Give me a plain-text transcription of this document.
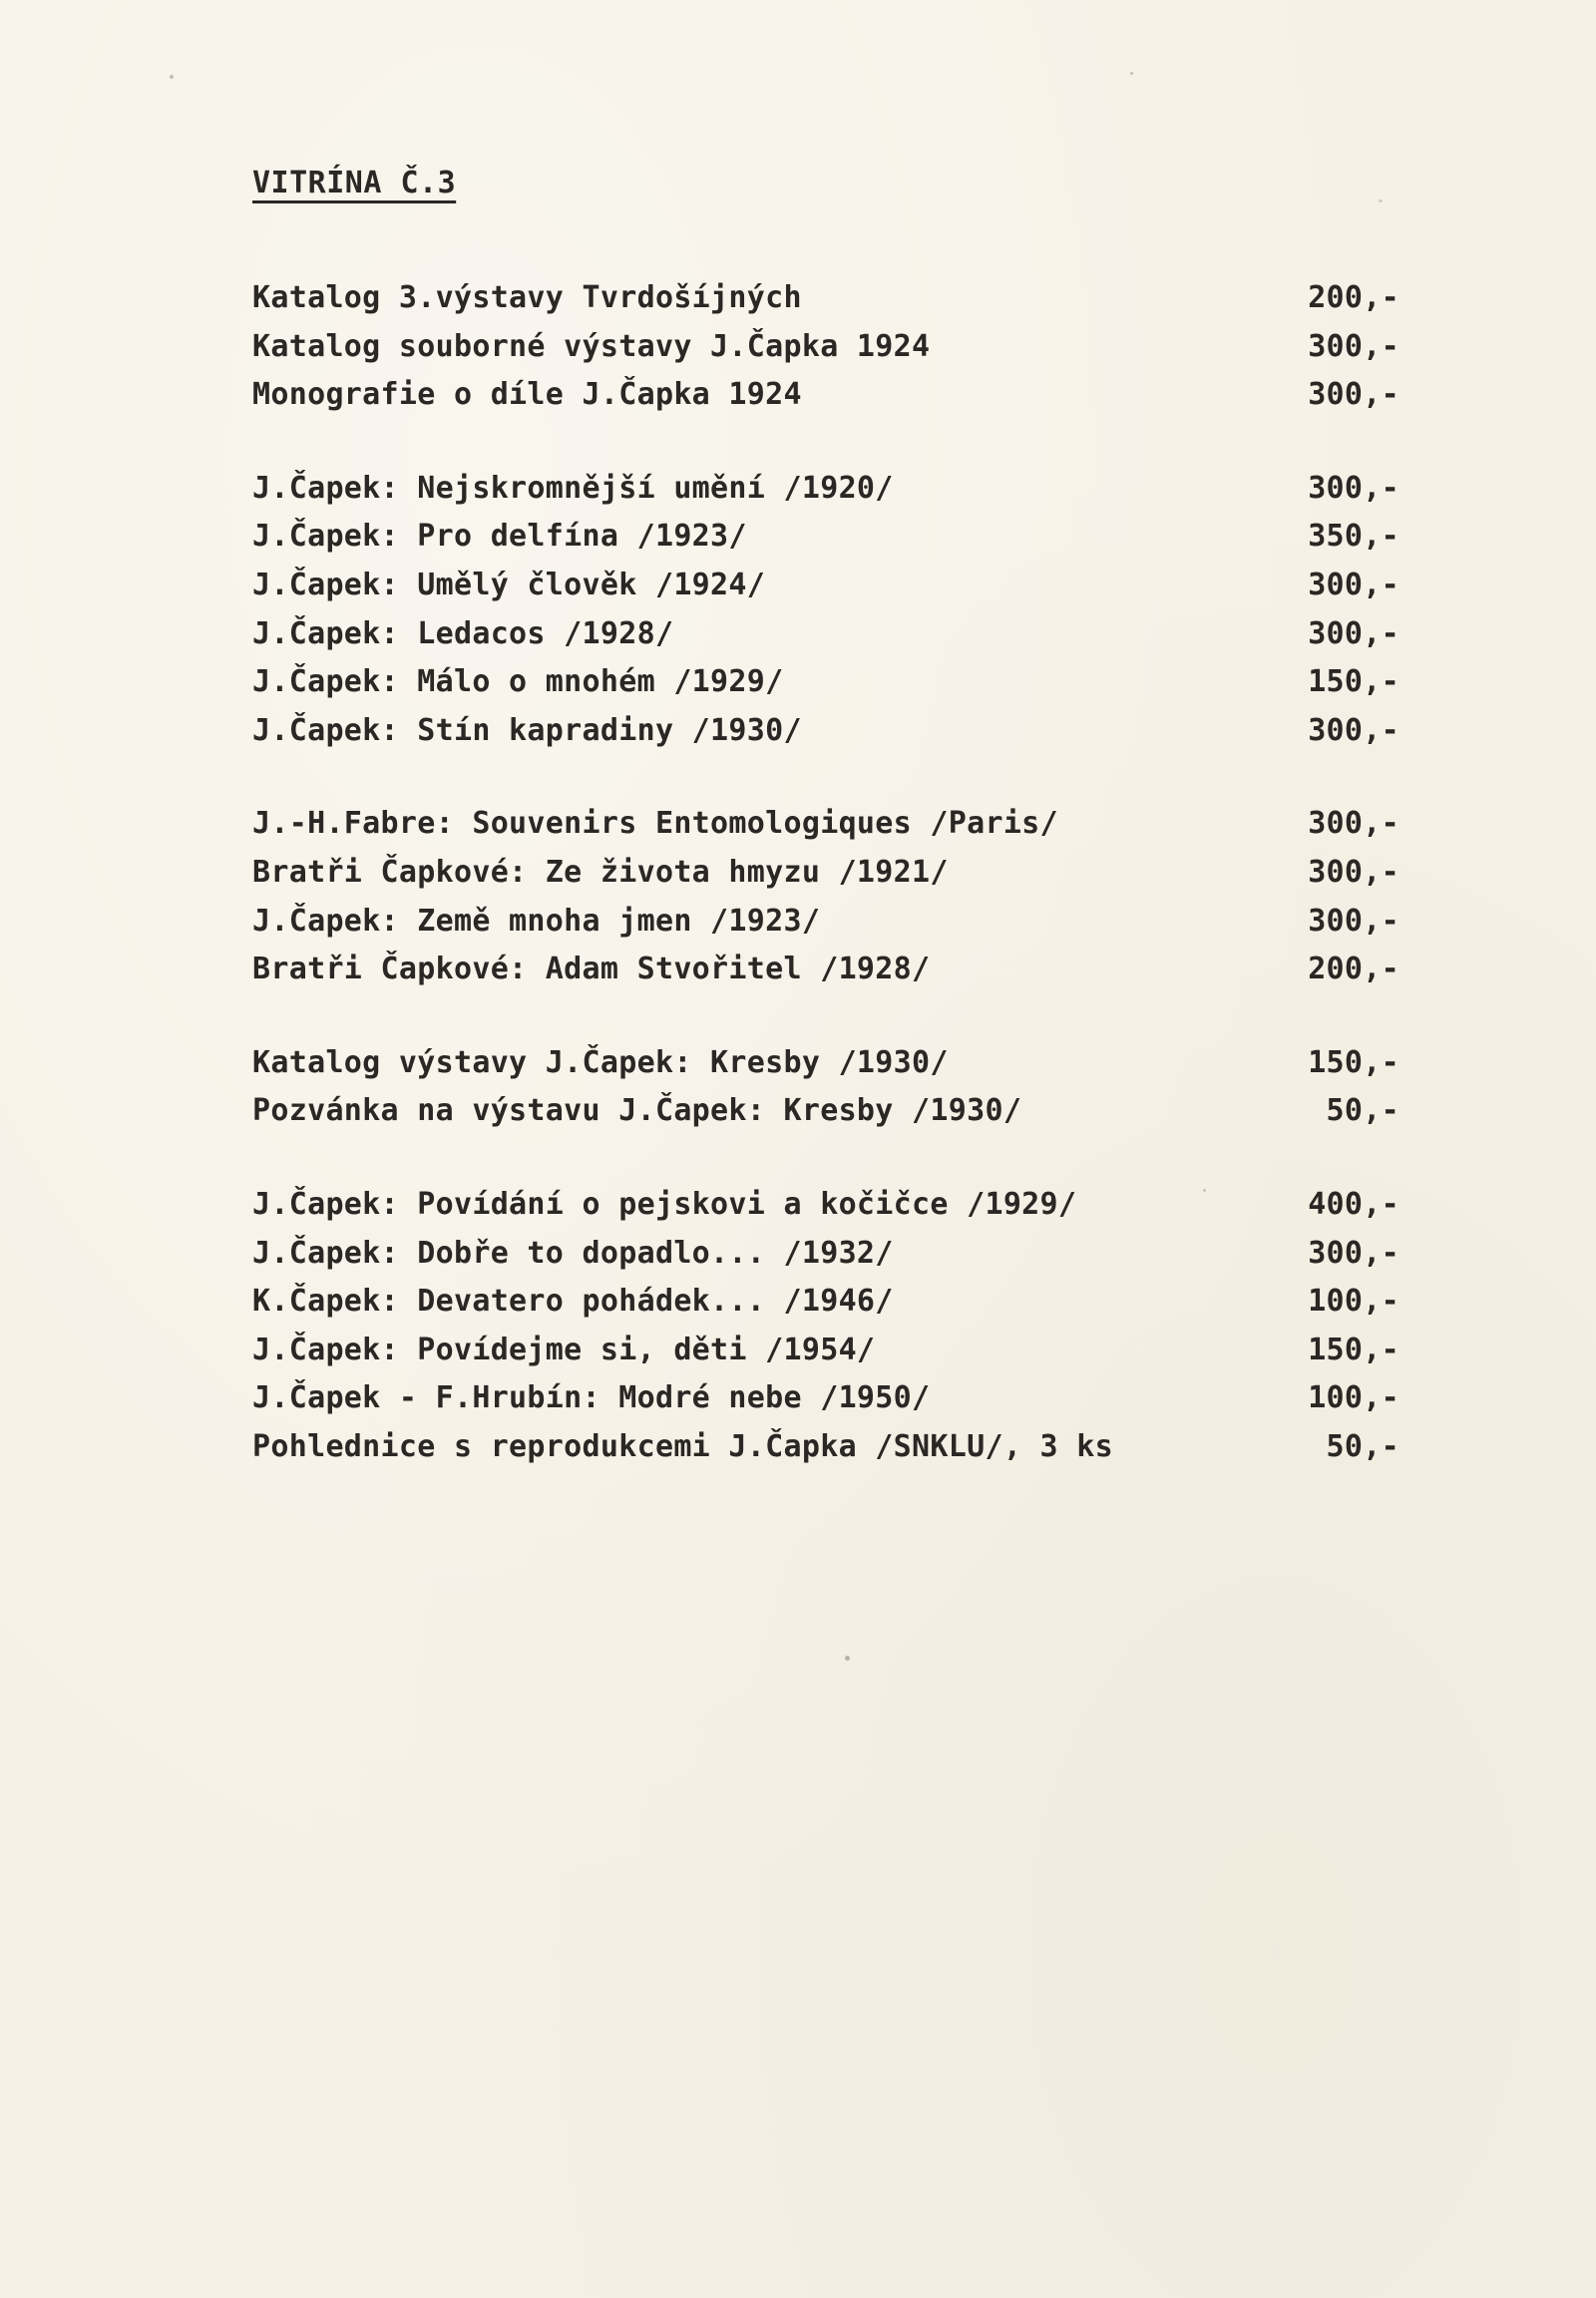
VITRÍNA Č.3
Katalog 3.výstavy Tvrdošíjných	200,-
Katalog souborné výstavy J.Čapka 1924	300,-
Monografie o díle J.Čapka 1924	300,-
J.Čapek: Nejskromnější umění /1920/	300,-
J.Čapek: Pro delfína /1923/	350,-
J.Čapek: Umělý člověk /1924/	300,-
J.Čapek: Ledacos /1928/	300,-
J.Čapek: Málo o mnohém /1929/	150,-
J.Čapek: Stín kapradiny /1930/	300,-
J.-H.Fabre: Souvenirs Entomologiques /Paris/	300,-
Bratři Čapkové: Ze života hmyzu /1921/	300,-
J.Čapek: Země mnoha jmen /1923/	300,-
Bratři Čapkové: Adam Stvořitel /1928/	200,-
Katalog výstavy J.Čapek: Kresby /1930/	150,-
Pozvánka na výstavu J.Čapek: Kresby /1930/	50,-
J.Čapek: Povídání o pejskovi a kočičce /1929/	400,-
J.Čapek: Dobře to dopadlo... /1932/	300,-
K.Čapek: Devatero pohádek... /1946/	100,-
J.Čapek: Povídejme si, děti /1954/	150,-
J.Čapek - F.Hrubín: Modré nebe /1950/	100,-
Pohlednice s reprodukcemi J.Čapka /SNKLU/, 3 ks	50,-
